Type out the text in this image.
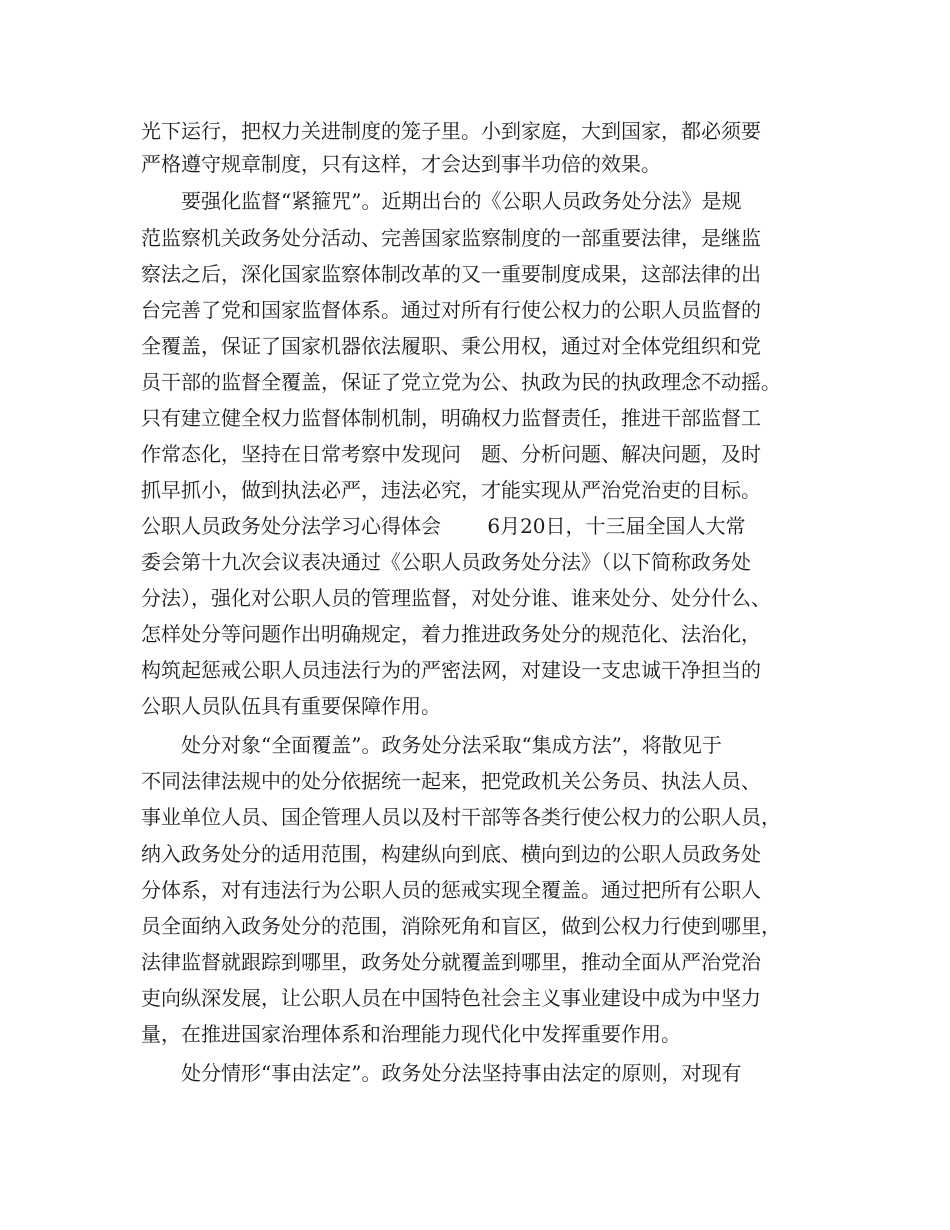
光下运行，把权力关进制度的笼子里。小到家庭，大到国家，都必须要
严格遵守规章制度，只有这样，才会达到事半功倍的效果。
　　要强化监督“紧箍咒”。近期出台的《公职人员政务处分法》是规
范监察机关政务处分活动、完善国家监察制度的一部重要法律，是继监
察法之后，深化国家监察体制改革的又一重要制度成果，这部法律的出
台完善了党和国家监督体系。通过对所有行使公权力的公职人员监督的
全覆盖，保证了国家机器依法履职、秉公用权，通过对全体党组织和党
员干部的监督全覆盖，保证了党立党为公、执政为民的执政理念不动摇。
只有建立健全权力监督体制机制，明确权力监督责任，推进干部监督工
作常态化，坚持在日常考察中发现问　题、分析问题、解决问题，及时
抓早抓小，做到执法必严，违法必究，才能实现从严治党治吏的目标。
公职人员政务处分法学习心得体会　　 6月20日，十三届全国人大常
委会第十九次会议表决通过《公职人员政务处分法》（以下简称政务处
分法），强化对公职人员的管理监督，对处分谁、谁来处分、处分什么、
怎样处分等问题作出明确规定，着力推进政务处分的规范化、法治化，
构筑起惩戒公职人员违法行为的严密法网，对建设一支忠诚干净担当的
公职人员队伍具有重要保障作用。
　　处分对象“全面覆盖”。政务处分法采取“集成方法”，将散见于
不同法律法规中的处分依据统一起来，把党政机关公务员、执法人员、
事业单位人员、国企管理人员以及村干部等各类行使公权力的公职人员，
纳入政务处分的适用范围，构建纵向到底、横向到边的公职人员政务处
分体系，对有违法行为公职人员的惩戒实现全覆盖。通过把所有公职人
员全面纳入政务处分的范围，消除死角和盲区，做到公权力行使到哪里，
法律监督就跟踪到哪里，政务处分就覆盖到哪里，推动全面从严治党治
吏向纵深发展，让公职人员在中国特色社会主义事业建设中成为中坚力
量，在推进国家治理体系和治理能力现代化中发挥重要作用。
　　处分情形“事由法定”。政务处分法坚持事由法定的原则，对现有
